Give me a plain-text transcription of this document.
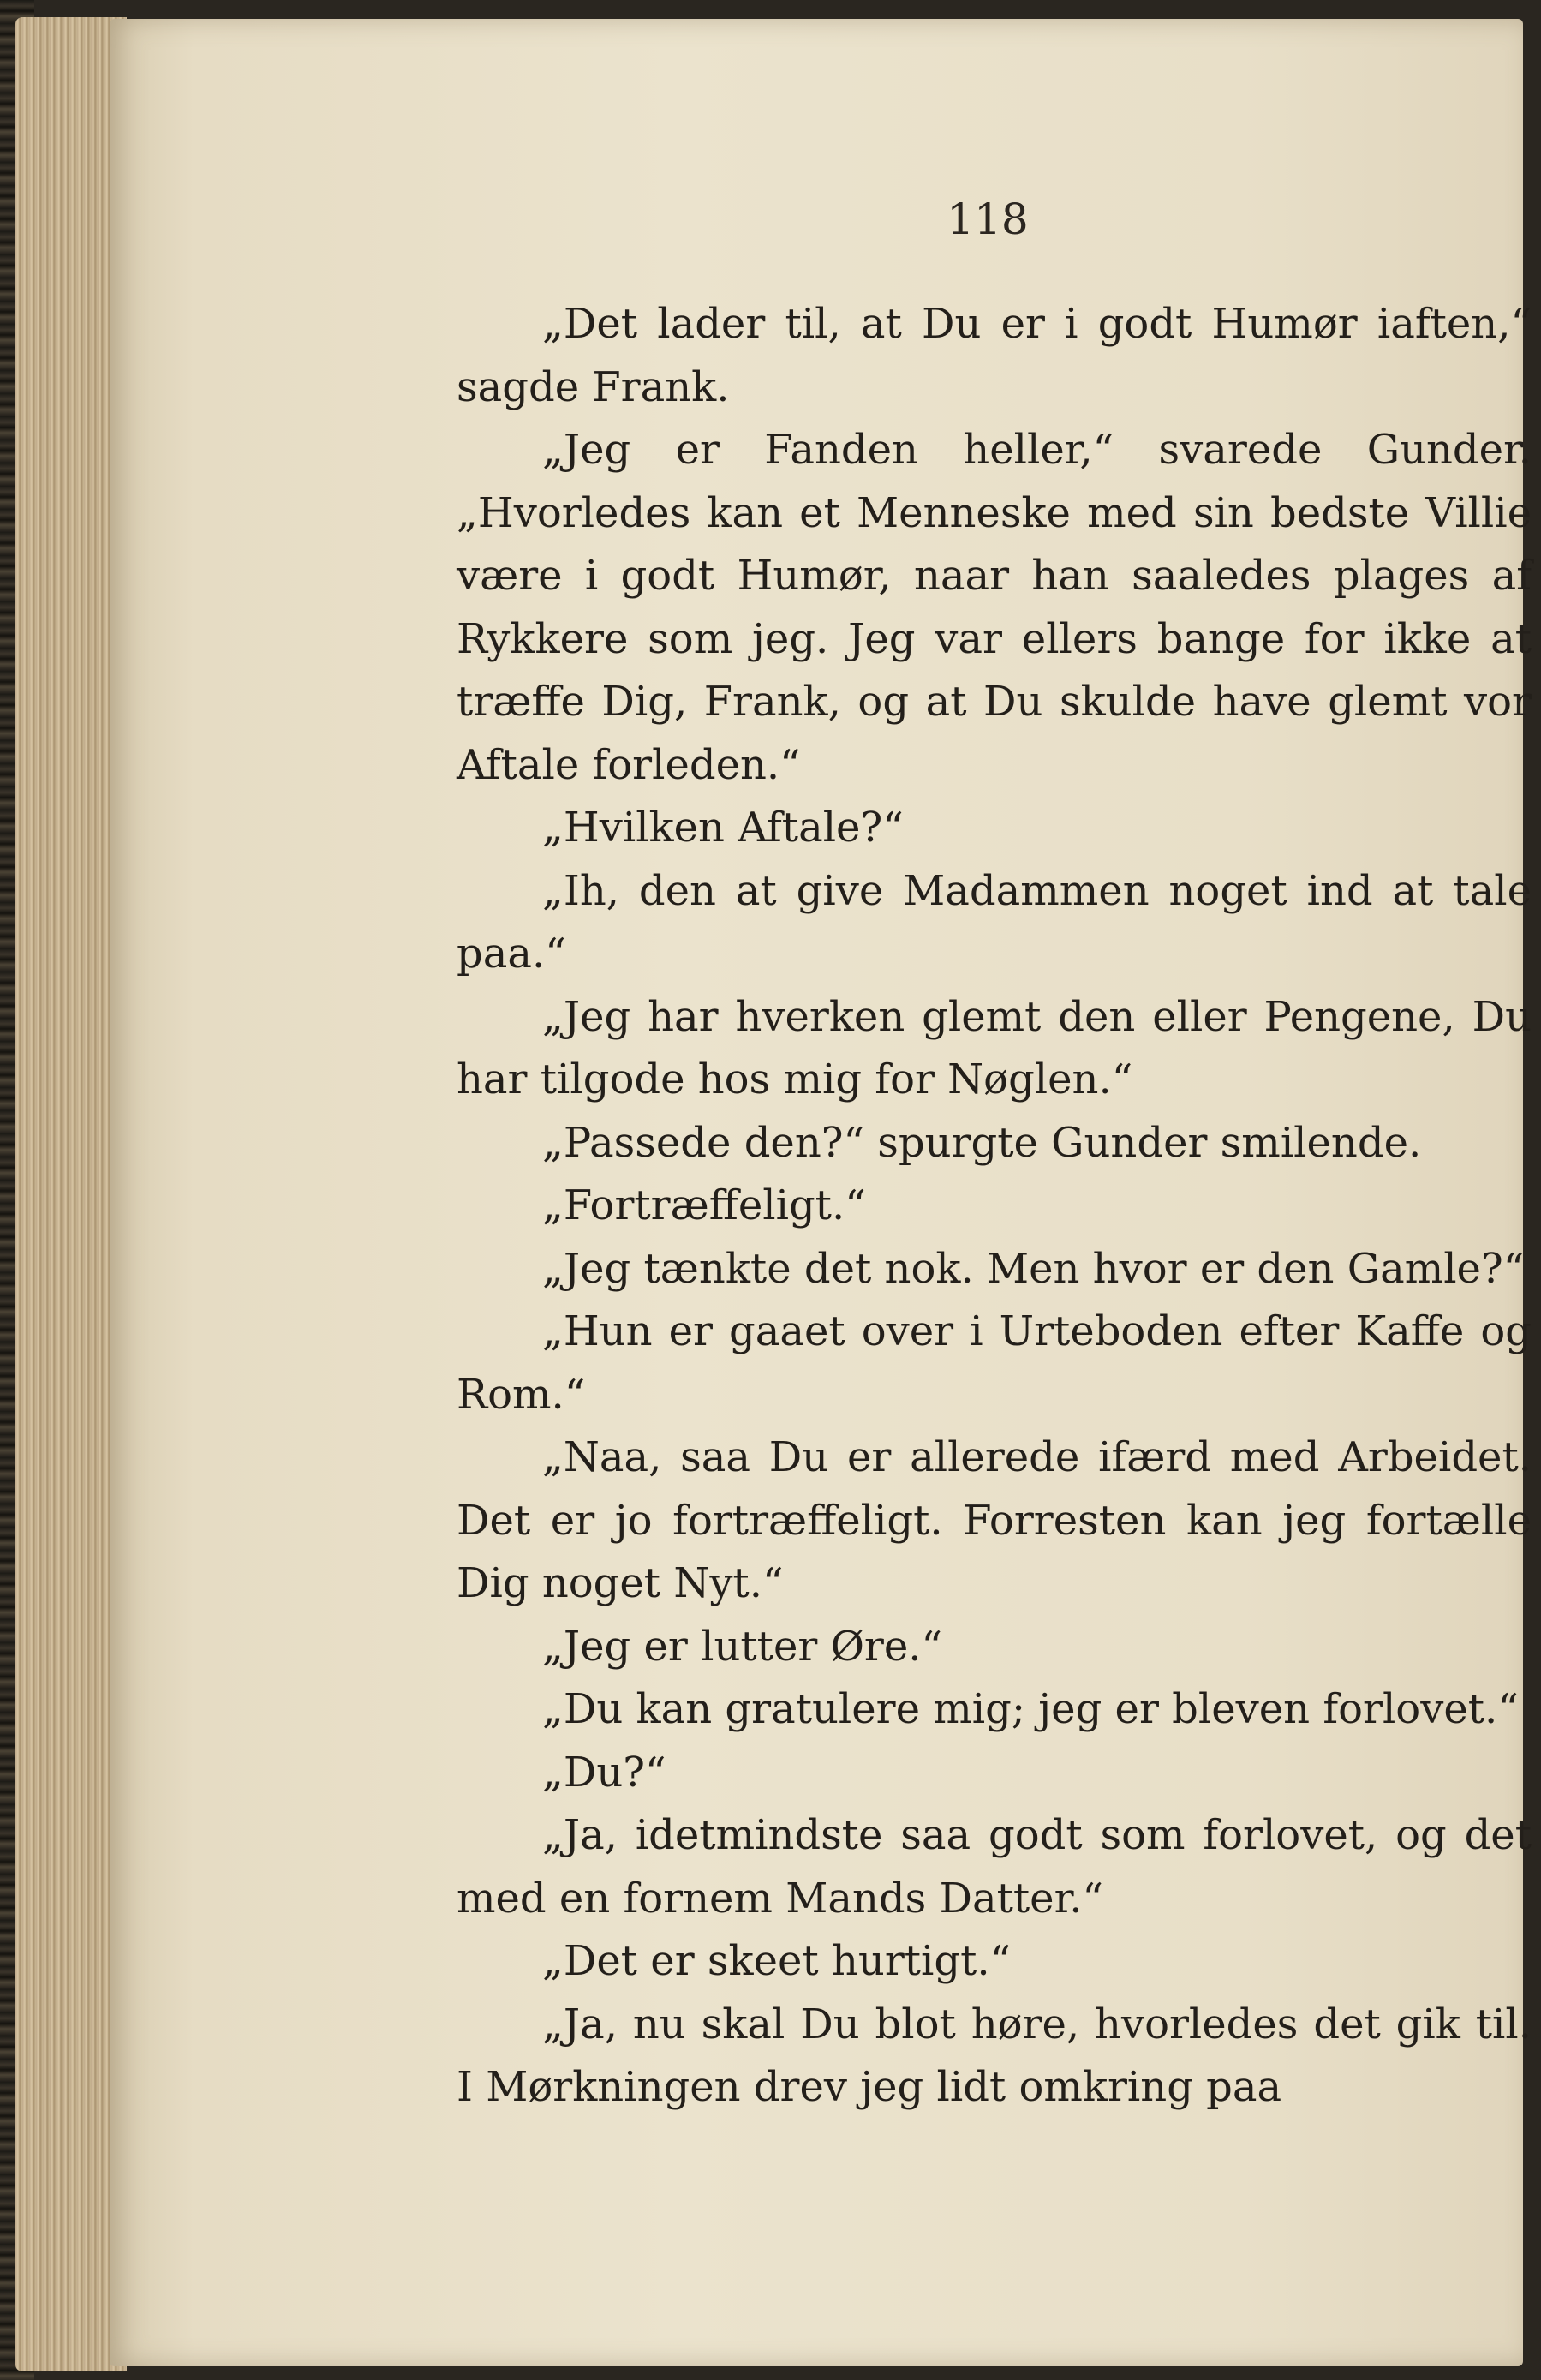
118

„Det lader til, at Du er i godt Humør iaften,“ sagde Frank.

„Jeg er Fanden heller,“ svarede Gunder. „Hvorledes kan et Menneske med sin bedste Villie være i godt Humør, naar han saaledes plages af Rykkere som jeg. Jeg var ellers bange for ikke at træffe Dig, Frank, og at Du skulde have glemt vor Aftale forleden.“

„Hvilken Aftale?“

„Ih, den at give Madammen noget ind at tale paa.“

„Jeg har hverken glemt den eller Pengene, Du har tilgode hos mig for Nøglen.“

„Passede den?“ spurgte Gunder smilende.

„Fortræffeligt.“

„Jeg tænkte det nok. Men hvor er den Gamle?“

„Hun er gaaet over i Urteboden efter Kaffe og Rom.“

„Naa, saa Du er allerede ifærd med Arbeidet. Det er jo fortræffeligt. Forresten kan jeg fortælle Dig noget Nyt.“

„Jeg er lutter Øre.“

„Du kan gratulere mig; jeg er bleven forlovet.“

„Du?“

„Ja, idetmindste saa godt som forlovet, og det med en fornem Mands Datter.“

„Det er skeet hurtigt.“

„Ja, nu skal Du blot høre, hvorledes det gik til. I Mørkningen drev jeg lidt omkring paa
